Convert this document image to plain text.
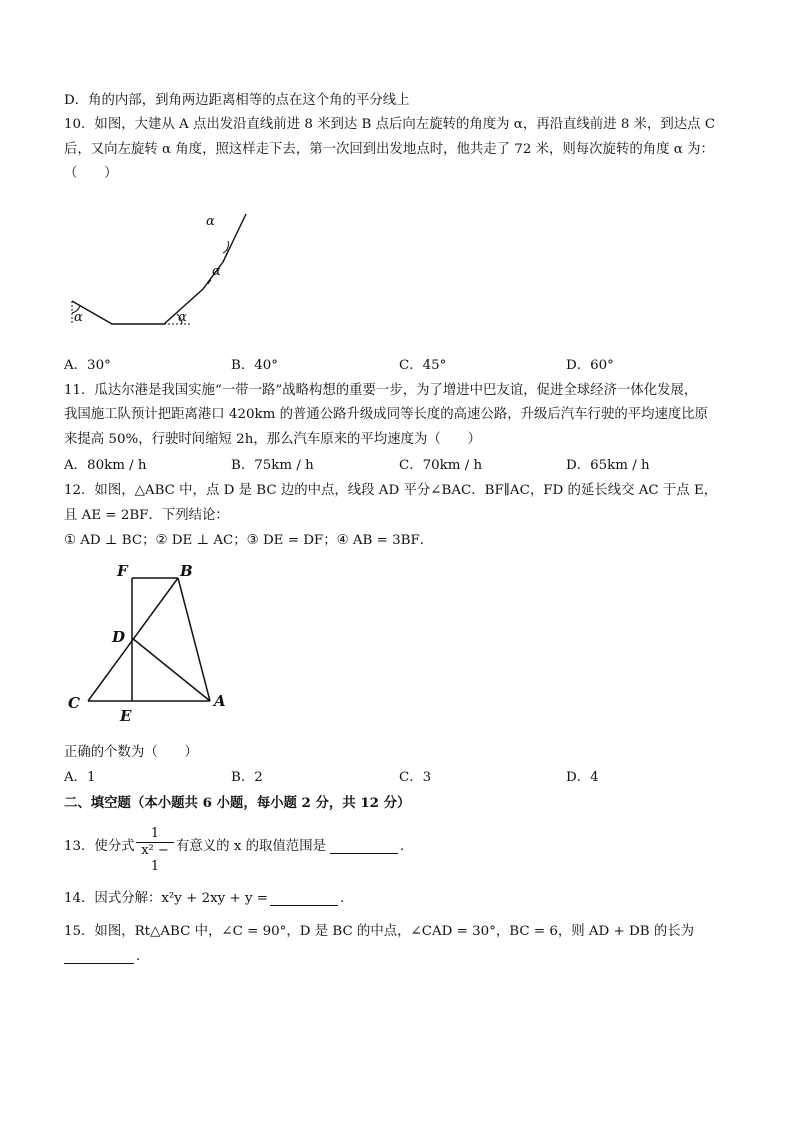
D．角的内部，到角两边距离相等的点在这个角的平分线上
10．如图，大建从 A 点出发沿直线前进 8 米到达 B 点后向左旋转的角度为 α，再沿直线前进 8 米，到达点 C
后，又向左旋转 α 角度，照这样走下去，第一次回到出发地点时，他共走了 72 米，则每次旋转的角度 α 为：
（　　）
α	α
α
α
A．30°	B．40°	C．45°	D．60°
11．瓜达尔港是我国实施“一带一路”战略构想的重要一步，为了增进中巴友谊，促进全球经济一体化发展，
我国施工队预计把距离港口 420km 的普通公路升级成同等长度的高速公路，升级后汽车行驶的平均速度比原
来提高 50%，行驶时间缩短 2h，那么汽车原来的平均速度为（　　）
A．80km / h	B．75km / h	C．70km / h	D．65km / h
12．如图，△ABC 中，点 D 是 BC 边的中点，线段 AD 平分∠BAC．BF∥AC，FD 的延长线交 AC 于点 E，
且 AE = 2BF．下列结论：
① AD ⊥ BC；② DE ⊥ AC；③ DE = DF；④ AB = 3BF．
F	B
D
C
E
A
正确的个数为（　　）
A．1	B．2	C．3	D．4
二、填空题（本小题共 6 小题，每小题 2 分，共 12 分）
13．使分式 $\frac{1}{\text{x² − 1}}$ 有意义的 x 的取值范围是	.
14．因式分解：x²y + 2xy + y =	.
15．如图，Rt△ABC 中，∠C = 90°，D 是 BC 的中点，∠CAD = 30°，BC = 6，则 AD + DB 的长为
.
